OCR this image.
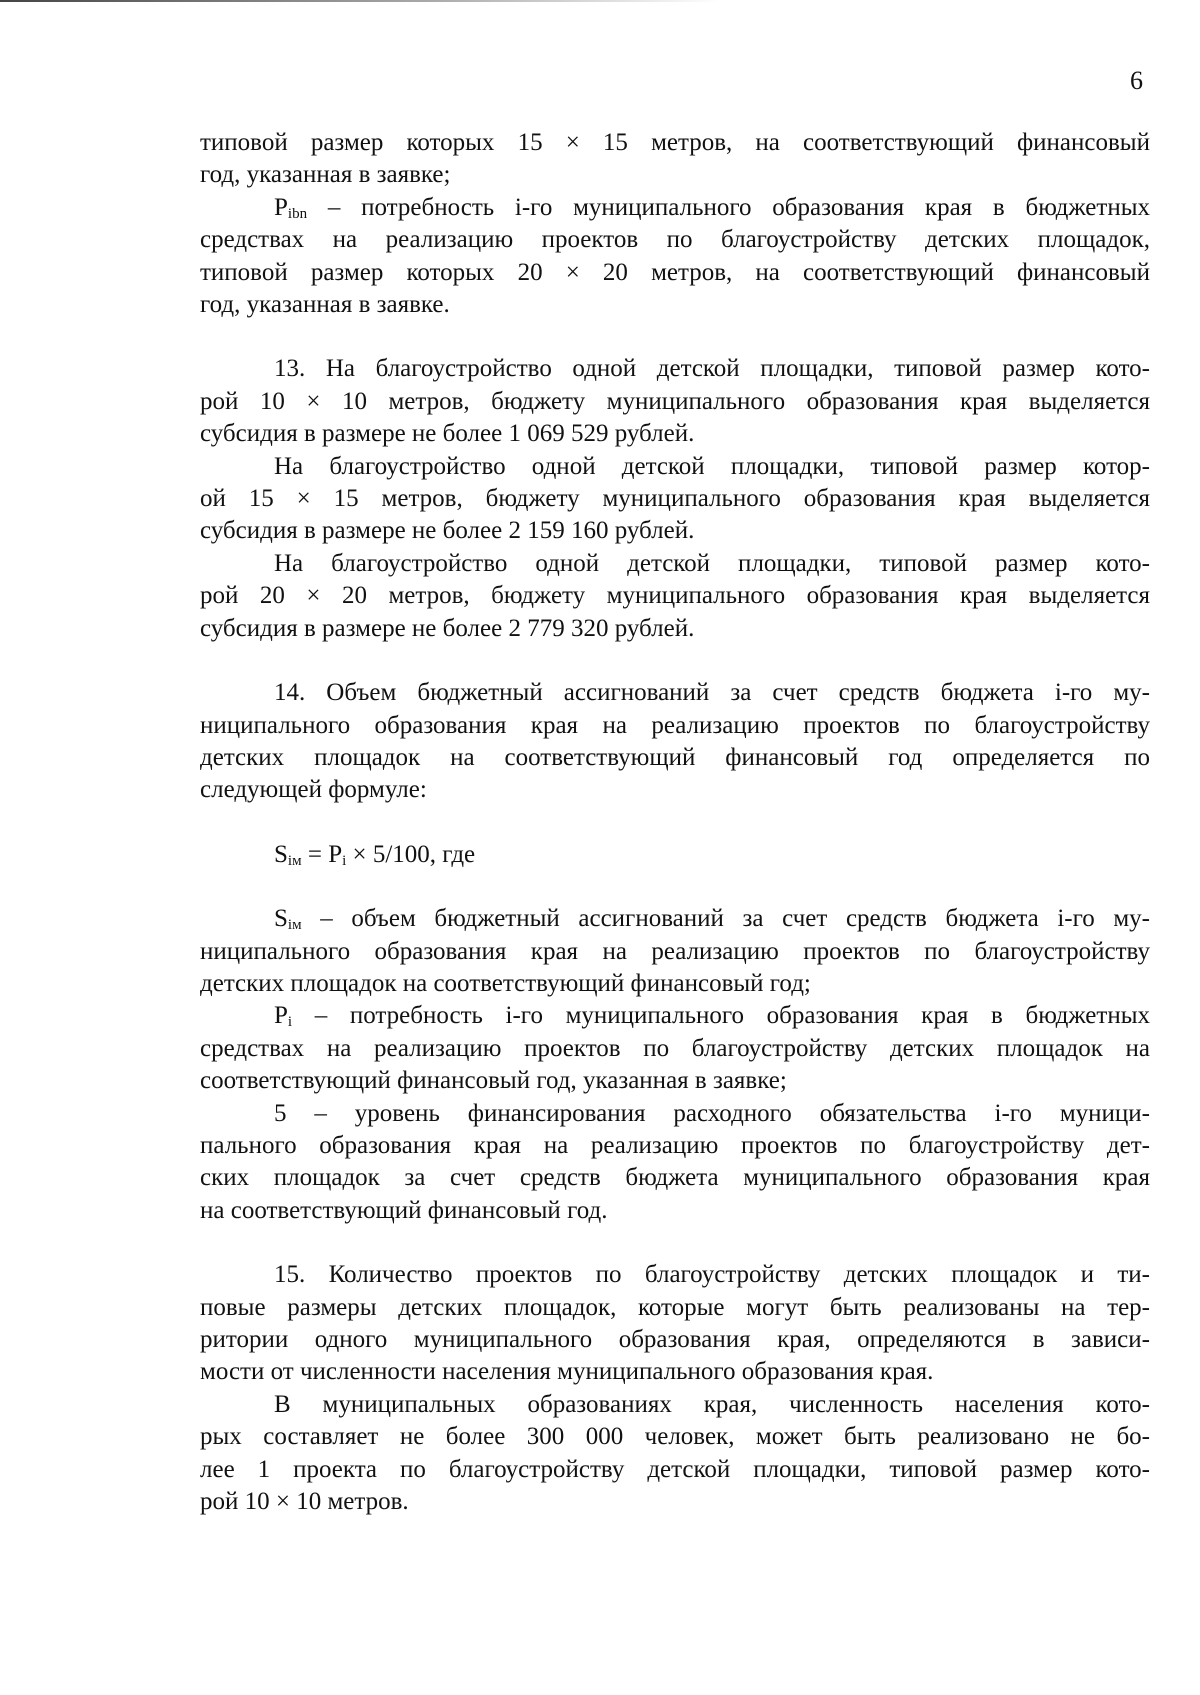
6
типовой размер которых 15 × 15 метров, на соответствующий финансовый
год, указанная в заявке;
$P_{ibn}$ – потребность i-го муниципального образования края в бюджетных
средствах на реализацию проектов по благоустройству детских площадок,
типовой размер которых 20 × 20 метров, на соответствующий финансовый
год, указанная в заявке.
13. На благоустройство одной детской площадки, типовой размер кото-
рой 10 × 10 метров, бюджету муниципального образования края выделяется
субсидия в размере не более 1 069 529 рублей.
На благоустройство одной детской площадки, типовой размер котор-
ой 15 × 15 метров, бюджету муниципального образования края выделяется
субсидия в размере не более 2 159 160 рублей.
На благоустройство одной детской площадки, типовой размер кото-
рой 20 × 20 метров, бюджету муниципального образования края выделяется
субсидия в размере не более 2 779 320 рублей.
14. Объем бюджетный ассигнований за счет средств бюджета i-го му-
ниципального образования края на реализацию проектов по благоустройству
детских площадок на соответствующий финансовый год определяется по
следующей формуле:
$S_{iм} = P_i \times 5/100$, где
$S_{iм}$ – объем бюджетный ассигнований за счет средств бюджета i-го му-
ниципального образования края на реализацию проектов по благоустройству
детских площадок на соответствующий финансовый год;
$P_i$ – потребность i-го муниципального образования края в бюджетных
средствах на реализацию проектов по благоустройству детских площадок на
соответствующий финансовый год, указанная в заявке;
5 – уровень финансирования расходного обязательства i-го муници-
пального образования края на реализацию проектов по благоустройству дет-
ских площадок за счет средств бюджета муниципального образования края
на соответствующий финансовый год.
15. Количество проектов по благоустройству детских площадок и ти-
повые размеры детских площадок, которые могут быть реализованы на тер-
ритории одного муниципального образования края, определяются в зависи-
мости от численности населения муниципального образования края.
В муниципальных образованиях края, численность населения кото-
рых составляет не более 300 000 человек, может быть реализовано не бо-
лее 1 проекта по благоустройству детской площадки, типовой размер кото-
рой 10 × 10 метров.
